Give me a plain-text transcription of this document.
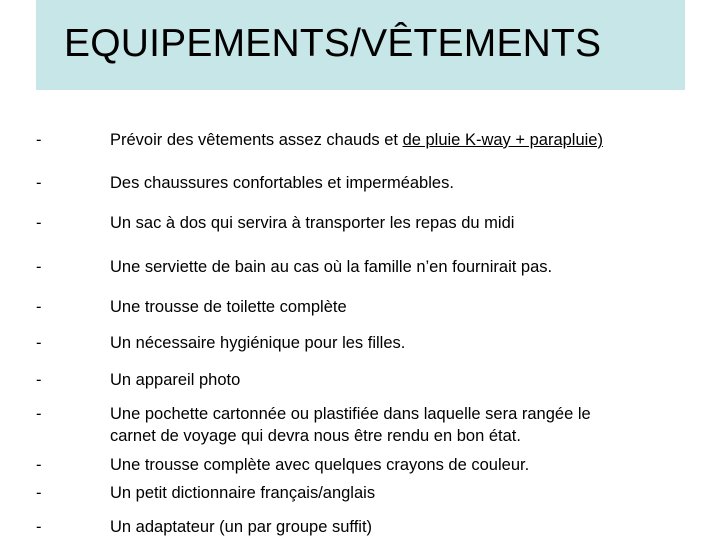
EQUIPEMENTS/VÊTEMENTS
-	Prévoir des vêtements assez chauds et de pluie K-way + parapluie)
-	Des chaussures confortables et imperméables.
-	Un sac à dos qui servira à transporter les repas du midi
-	Une serviette de bain au cas où la famille n’en fournirait pas.
-	Une trousse de toilette complète
-	Un nécessaire hygiénique pour les filles.
-	Un appareil photo
-	Une pochette cartonnée ou plastifiée dans laquelle sera rangée le
carnet de voyage qui devra nous être rendu en bon état.
-	Une trousse complète avec quelques crayons de couleur.
-	Un petit dictionnaire français/anglais
-	Un adaptateur (un par groupe suffit)
